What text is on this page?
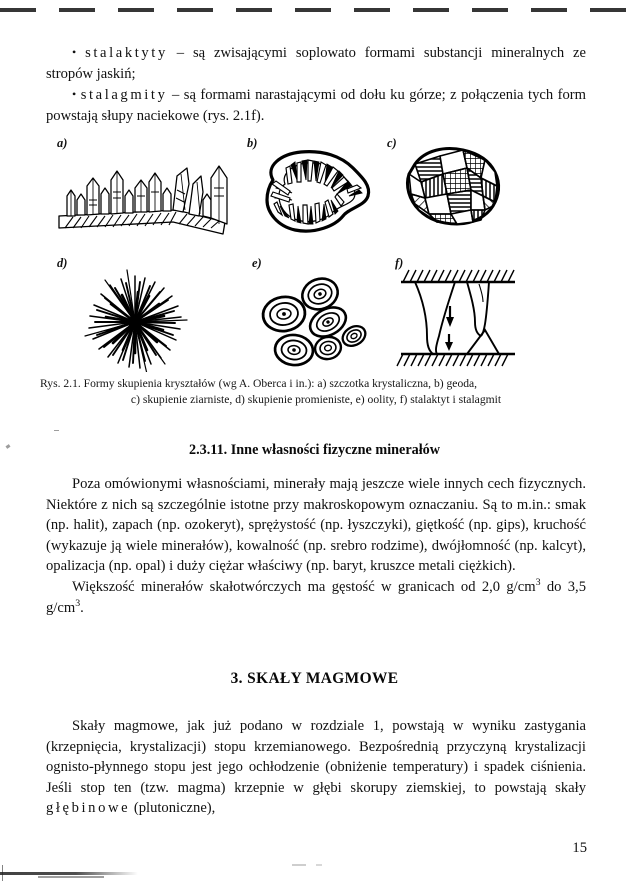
• stalaktyty – są zwisającymi soplowato formami substancji mineralnych ze stropów jaskiń;
• stalagmity – są formami narastającymi od dołu ku górze; z połączenia tych form powstają słupy naciekowe (rys. 2.1f).
a)	b)	c)
d)	e)	f)
Rys. 2.1. Formy skupienia kryształów (wg A. Oberca i in.): a) szczotka krystaliczna, b) geoda,
c) skupienie ziarniste, d) skupienie promieniste, e) oolity, f) stalaktyt i stalagmit
2.3.11. Inne własności fizyczne minerałów
Poza omówionymi własnościami, minerały mają jeszcze wiele innych cech fizycznych. Niektóre z nich są szczególnie istotne przy makroskopowym oznaczaniu. Są to m.in.: smak (np. halit), zapach (np. ozokeryt), sprężystość (np. łyszczyki), giętkość (np. gips), kruchość (wykazuje ją wiele minerałów), kowalność (np. srebro rodzime), dwójłomność (np. kalcyt), opalizacja (np. opal) i duży ciężar właściwy (np. baryt, kruszce metali ciężkich).
Większość minerałów skałotwórczych ma gęstość w granicach od 2,0 $g/cm^3$ do 3,5 $g/cm^3$.
3. SKAŁY MAGMOWE
Skały magmowe, jak już podano w rozdziale 1, powstają w wyniku zastygania (krzepnięcia, krystalizacji) stopu krzemianowego. Bezpośrednią przyczyną krystalizacji ognisto-płynnego stopu jest jego ochłodzenie (obniżenie temperatury) i spadek ciśnienia. Jeśli stop ten (tzw. magma) krzepnie w głębi skorupy ziemskiej, to powstają skały głębinowe (plutoniczne),
15
